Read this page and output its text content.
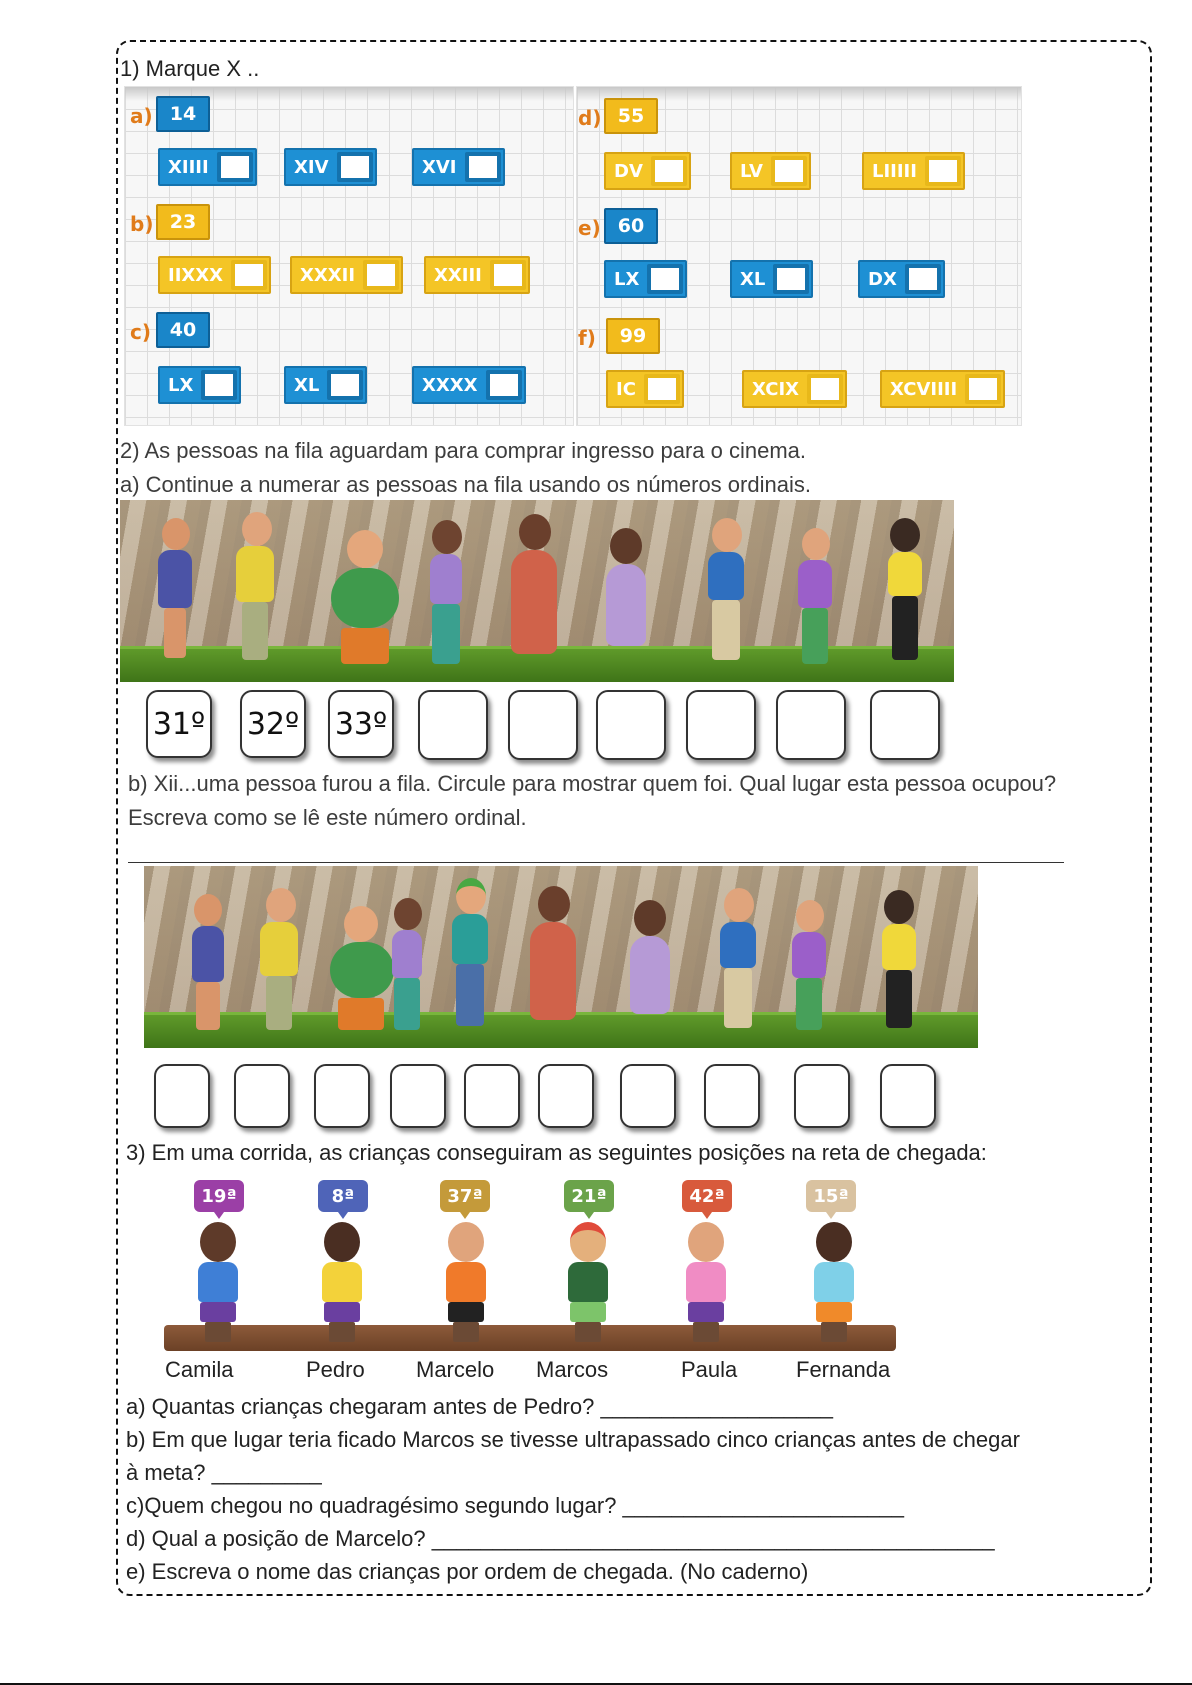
1) Marque X ..
a) 14
XIIII	XIV	XVI
b) 23
IIXXX	XXXII	XXIII
c) 40
LX	XL	XXXX
d) 55
DV	LV	LIIIII
e) 60
LX	XL	DX
f)	99
IC	XCIX	XCVIIII
2) As pessoas na fila aguardam para comprar ingresso para o cinema.
a) Continue a numerar as pessoas na fila usando os números ordinais.
31º 32º 33º
b) Xii...uma pessoa furou a fila. Circule para mostrar quem foi. Qual lugar esta pessoa ocupou?
Escreva como se lê este número ordinal.
3) Em uma corrida, as crianças conseguiram as seguintes posições na reta de chegada:
19ª	8ª	37ª	21ª	42ª	15ª
Camila	Pedro Marcelo Marcos	Paula	Fernanda
a) Quantas crianças chegaram antes de Pedro? ___________________
b) Em que lugar teria ficado Marcos se tivesse ultrapassado cinco crianças antes de chegar
à meta? _________
c)Quem chegou no quadragésimo segundo lugar? _______________________
d) Qual a posição de Marcelo? ______________________________________________
e) Escreva o nome das crianças por ordem de chegada. (No caderno)
